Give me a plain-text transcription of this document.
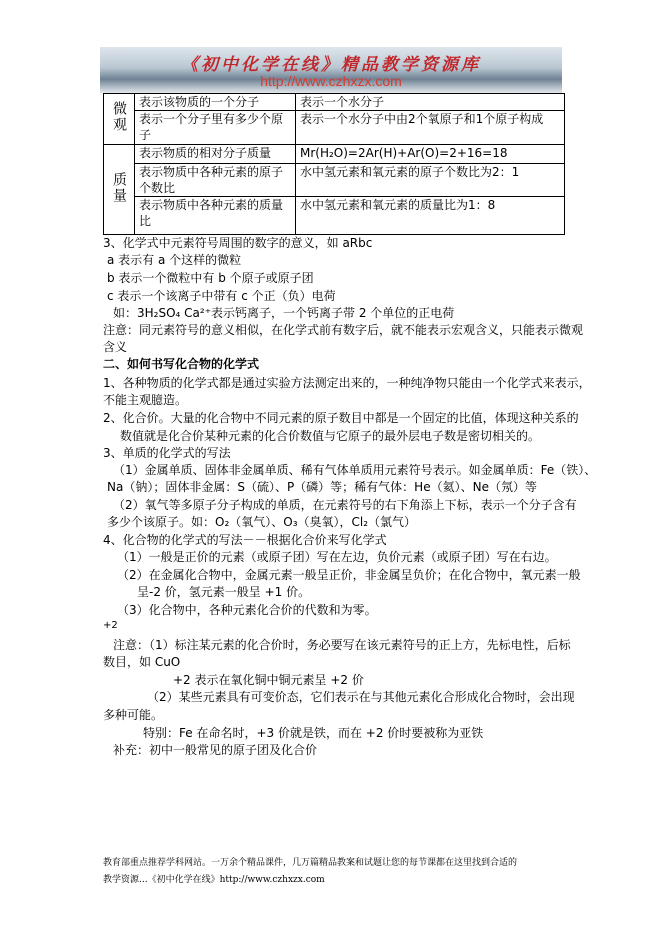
《初中化学在线》精品教学资源库
http://www.czhxzx.com
微观	表示该物质的一个分子	表示一个水分子
	表示一个分子里有多少个原子	表示一个水分子中由2个氧原子和1个原子构成
质量	表示物质的相对分子质量	Mr(H₂O)=2Ar(H)+Ar(O)=2+16=18
	表示物质中各种元素的原子个数比	水中氢元素和氧元素的原子个数比为2：1
	表示物质中各种元素的质量比	水中氢元素和氧元素的质量比为1：8
3、化学式中元素符号周围的数字的意义，如 aRbc
a 表示有 a 个这样的微粒
b 表示一个微粒中有 b 个原子或原子团
c 表示一个该离子中带有 c 个正（负）电荷
如：3H₂SO₄ Ca²⁺表示钙离子，一个钙离子带 2 个单位的正电荷
注意：同元素符号的意义相似，在化学式前有数字后，就不能表示宏观含义，只能表示微观
含义
二、如何书写化合物的化学式
1、各种物质的化学式都是通过实验方法测定出来的，一种纯净物只能由一个化学式来表示，
不能主观臆造。
2、化合价。大量的化合物中不同元素的原子数目中都是一个固定的比值，体现这种关系的
数值就是化合价某种元素的化合价数值与它原子的最外层电子数是密切相关的。
3、单质的化学式的写法
（1）金属单质、固体非金属单质、稀有气体单质用元素符号表示。如金属单质：Fe（铁）、
Na（钠）；固体非金属：S（硫）、P（磷）等；稀有气体：He（氦）、Ne（氖）等
（2）氧气等多原子分子构成的单质，在元素符号的右下角添上下标，表示一个分子含有
多少个该原子。如：O₂（氧气）、O₃（臭氧），Cl₂（氯气）
4、化合物的化学式的写法－－根据化合价来写化学式
（1）一般是正价的元素（或原子团）写在左边，负价元素（或原子团）写在右边。
（2）在金属化合物中，金属元素一般呈正价，非金属呈负价；在化合物中，氧元素一般
呈-2 价，氢元素一般呈 +1 价。
（3）化合物中，各种元素化合价的代数和为零。
+2
注意：（1）标注某元素的化合价时，务必要写在该元素符号的正上方，先标电性，后标
数目，如 CuO
+2 表示在氧化铜中铜元素呈 +2 价
（2）某些元素具有可变价态，它们表示在与其他元素化合形成化合物时，会出现
多种可能。
特别：Fe 在命名时，+3 价就是铁，而在 +2 价时要被称为亚铁
补充：初中一般常见的原子团及化合价
教育部重点推荐学科网站。一万余个精品课件，几万篇精品教案和试题让您的每节课都在这里找到合适的
教学资源...《初中化学在线》http://www.czhxzx.com
